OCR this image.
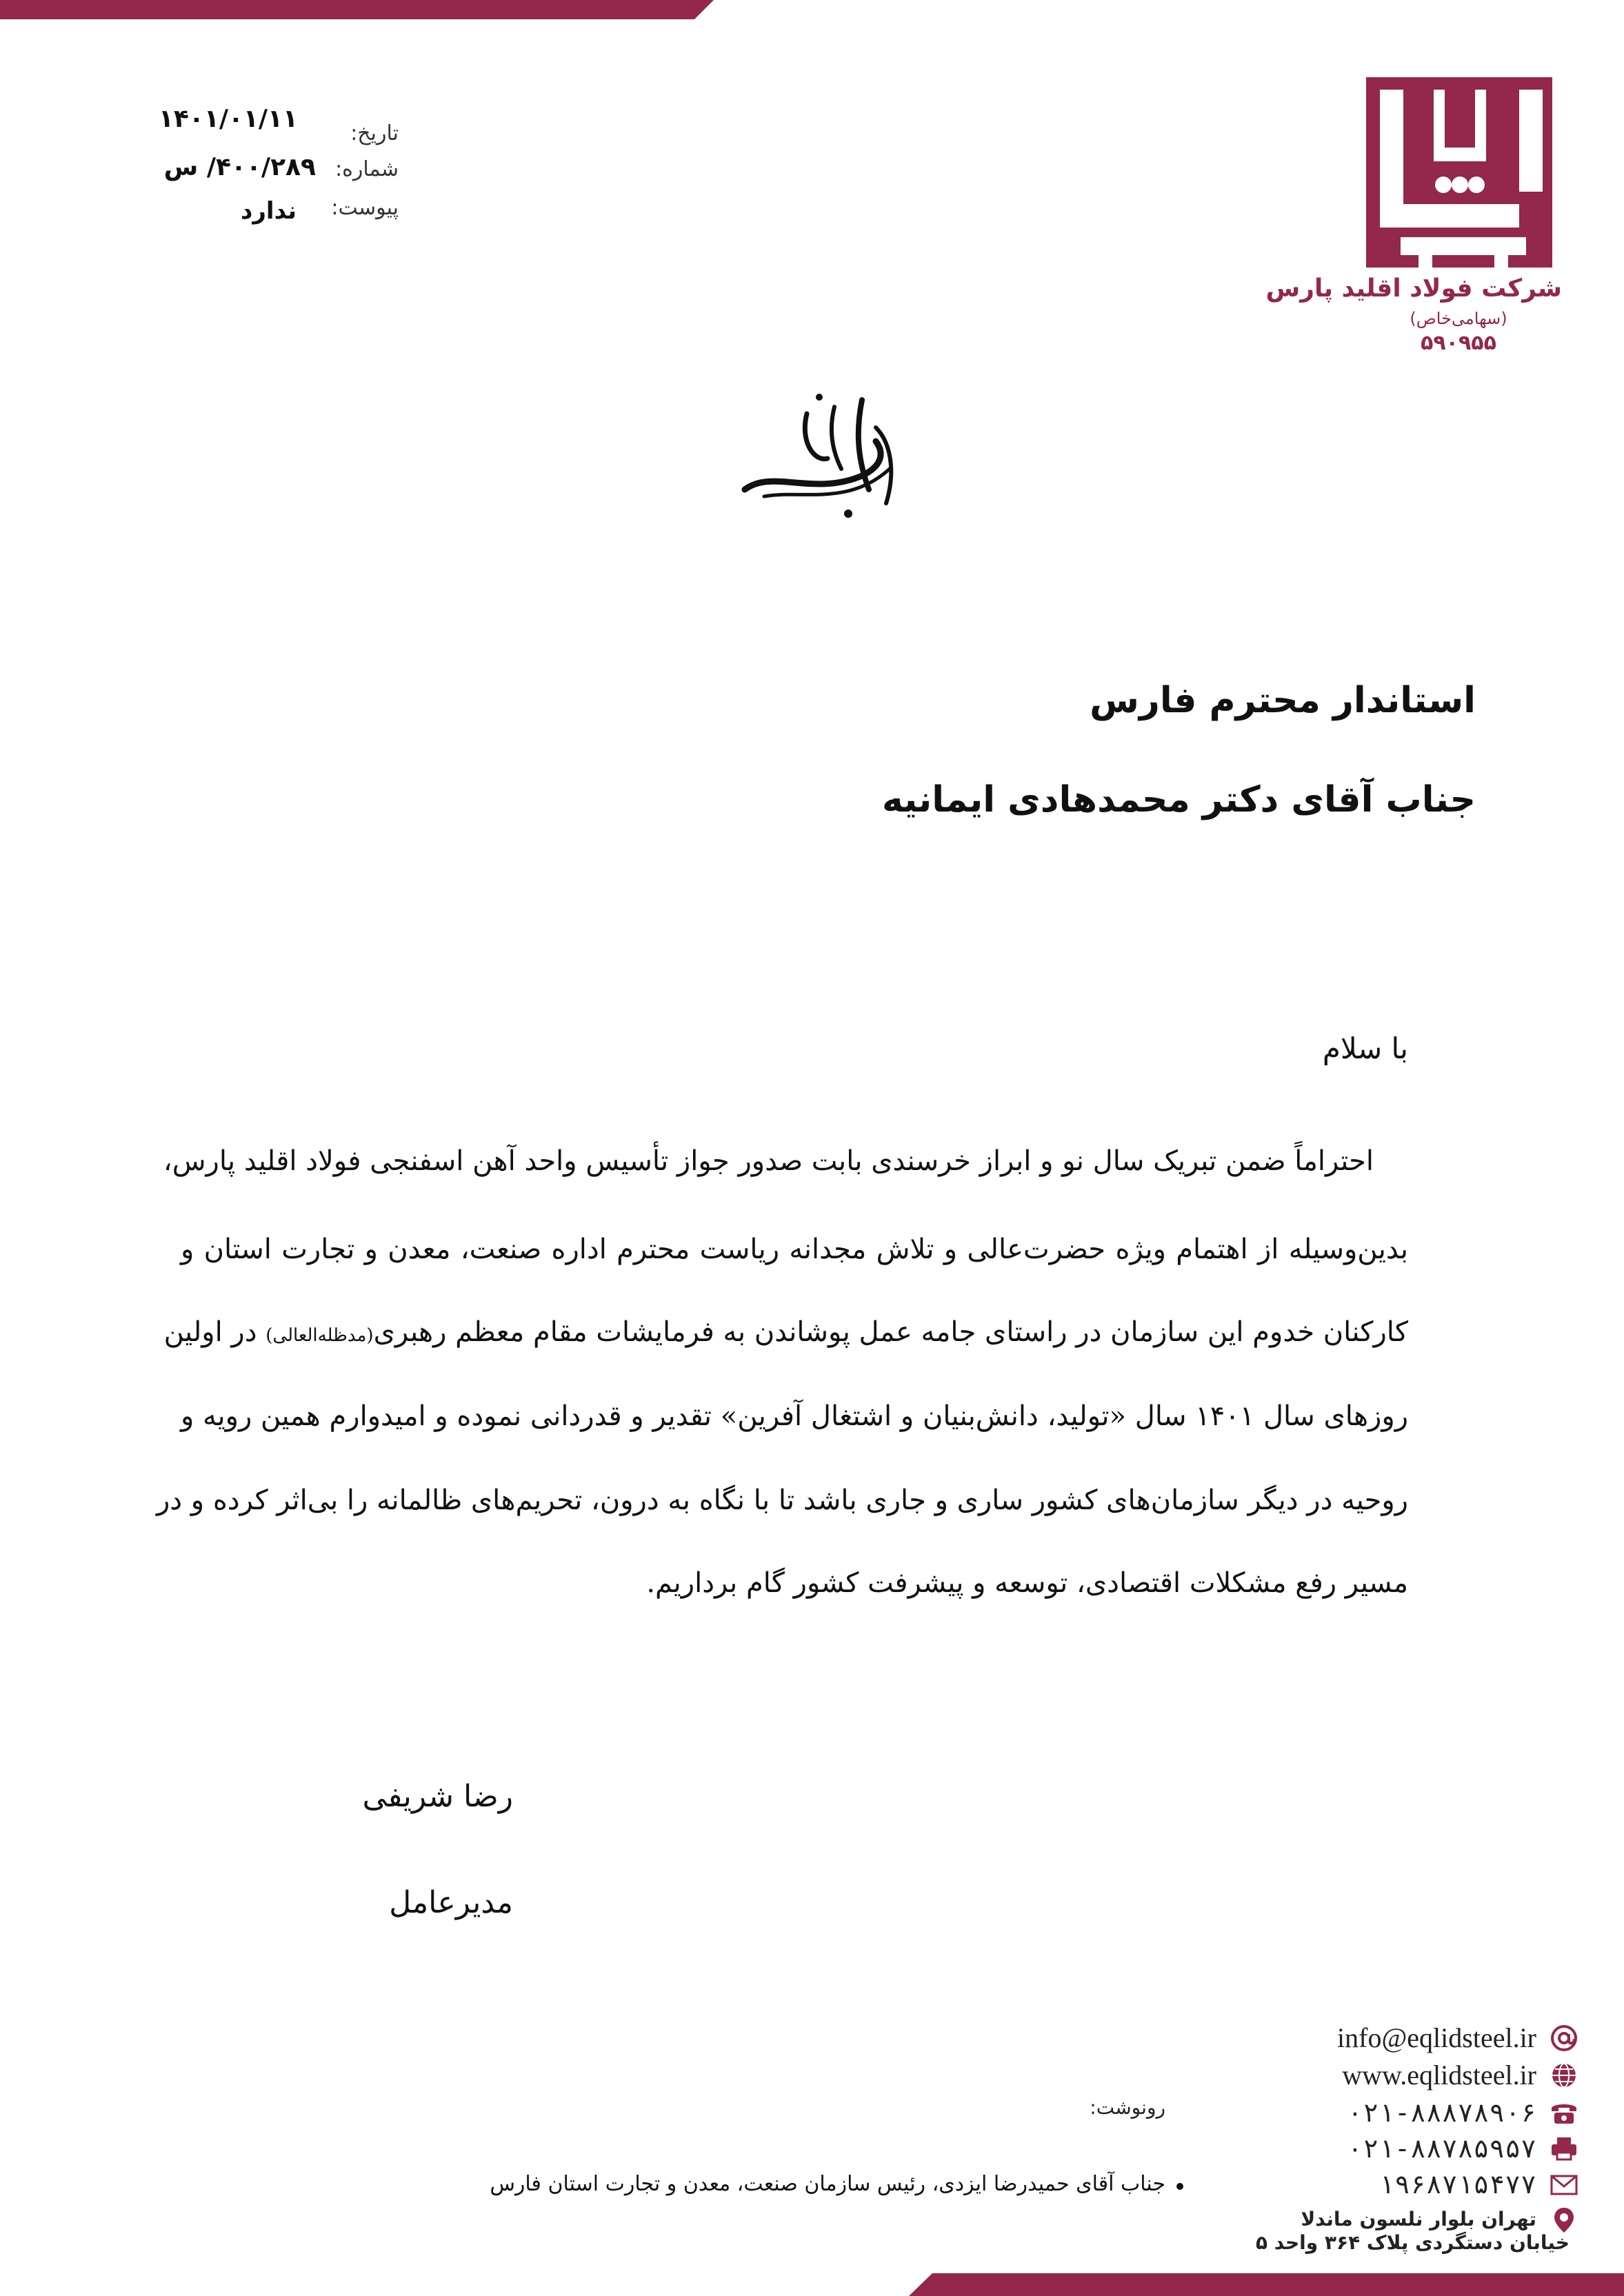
تاریخ:
۱۴۰۱/۰۱/۱۱
شماره:
۴۰۰/۲۸۹/ س
پیوست:
ندارد
شرکت فولاد اقلید پارس
(سهامی‌خاص)
۵۹۰۹۵۵
استاندار محترم فارس
جناب آقای دکتر محمدهادی ایمانیه
با سلام
احتراماً ضمن تبریک سال نو و ابراز خرسندی بابت صدور جواز تأسیس واحد آهن اسفنجی فولاد اقلید پارس،
بدین‌وسیله از اهتمام ویژه حضرت‌عالی و تلاش مجدانه ریاست محترم اداره صنعت، معدن و تجارت استان و
کارکنان خدوم این سازمان در راستای جامه عمل پوشاندن به فرمایشات مقام معظم رهبری(مدظله‌العالی) در اولین
روزهای سال ۱۴۰۱ سال «تولید، دانش‌بنیان و اشتغال آفرین» تقدیر و قدردانی نموده و امیدوارم همین رویه و
روحیه در دیگر سازمان‌های کشور ساری و جاری باشد تا با نگاه به درون، تحریم‌های ظالمانه را بی‌اثر کرده و در
مسیر رفع مشکلات اقتصادی، توسعه و پیشرفت کشور گام برداریم.
رضا شریفی
مدیرعامل
رونوشت:
جناب آقای حمیدرضا ایزدی، رئیس سازمان صنعت، معدن و تجارت استان فارس
info@eqlidsteel.ir
www.eqlidsteel.ir
۰۲۱-۸۸۸۷۸۹۰۶
۰۲۱-۸۸۷۸۵۹۵۷
۱۹۶۸۷۱۵۴۷۷
تهران بلوار نلسون ماندلا
خیابان دستگردی پلاک ۳۶۴ واحد ۵
